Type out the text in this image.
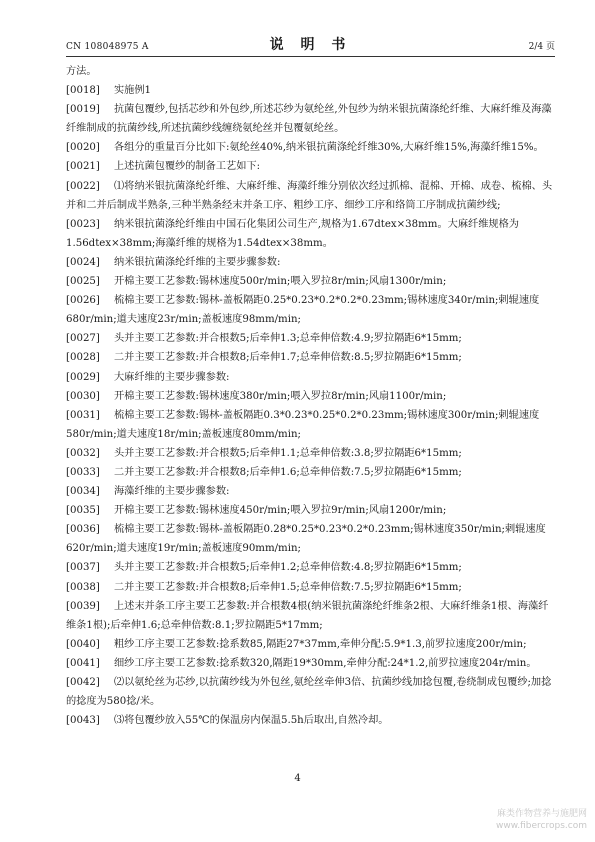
CN 108048975 A	说 明 书	2/4 页
方法。
[0018]	实施例1
[0019]	抗菌包覆纱,包括芯纱和外包纱,所述芯纱为氨纶丝,外包纱为纳米银抗菌涤纶纤维、大麻纤维及海藻纤维制成的抗菌纱线,所述抗菌纱线缠绕氨纶丝并包覆氨纶丝。
[0020]	各组分的重量百分比如下:氨纶丝40%,纳米银抗菌涤纶纤维30%,大麻纤维15%,海藻纤维15%。
[0021]	上述抗菌包覆纱的制备工艺如下:
[0022]	⑴将纳米银抗菌涤纶纤维、大麻纤维、海藻纤维分别依次经过抓棉、混棉、开棉、成卷、梳棉、头并和二并后制成半熟条,三种半熟条经末并条工序、粗纱工序、细纱工序和络筒工序制成抗菌纱线;
[0023]	纳米银抗菌涤纶纤维由中国石化集团公司生产,规格为1.67dtex×38mm。大麻纤维规格为1.56dtex×38mm;海藻纤维的规格为1.54dtex×38mm。
[0024]	纳米银抗菌涤纶纤维的主要步骤参数:
[0025]	开棉主要工艺参数:锡林速度500r/min;喂入罗拉8r/min;风扇1300r/min;
[0026]	梳棉主要工艺参数:锡林-盖板隔距0.25*0.23*0.2*0.2*0.23mm;锡林速度340r/min;剌辊速度680r/min;道夫速度23r/min;盖板速度98mm/min;
[0027]	头并主要工艺参数:并合根数5;后牵伸1.3;总牵伸倍数:4.9;罗拉隔距6*15mm;
[0028]	二并主要工艺参数:并合根数8;后牵伸1.7;总牵伸倍数:8.5;罗拉隔距6*15mm;
[0029]	大麻纤维的主要步骤参数:
[0030]	开棉主要工艺参数:锡林速度380r/min;喂入罗拉8r/min;风扇1100r/min;
[0031]	梳棉主要工艺参数:锡林-盖板隔距0.3*0.23*0.25*0.2*0.23mm;锡林速度300r/min;剌辊速度580r/min;道夫速度18r/min;盖板速度80mm/min;
[0032]	头并主要工艺参数:并合根数5;后牵伸1.1;总牵伸倍数:3.8;罗拉隔距6*15mm;
[0033]	二并主要工艺参数:并合根数8;后牵伸1.6;总牵伸倍数:7.5;罗拉隔距6*15mm;
[0034]	海藻纤维的主要步骤参数:
[0035]	开棉主要工艺参数:锡林速度450r/min;喂入罗拉9r/min;风扇1200r/min;
[0036]	梳棉主要工艺参数:锡林-盖板隔距0.28*0.25*0.23*0.2*0.23mm;锡林速度350r/min;剌辊速度620r/min;道夫速度19r/min;盖板速度90mm/min;
[0037]	头并主要工艺参数:并合根数5;后牵伸1.2;总牵伸倍数:4.8;罗拉隔距6*15mm;
[0038]	二并主要工艺参数:并合根数8;后牵伸1.5;总牵伸倍数:7.5;罗拉隔距6*15mm;
[0039]	上述末并条工序主要工艺参数:并合根数4根(纳米银抗菌涤纶纤维条2根、大麻纤维条1根、海藻纤维条1根);后牵伸1.6;总牵伸倍数:8.1;罗拉隔距5*17mm;
[0040]	粗纱工序主要工艺参数:捻系数85,隔距27*37mm,牵伸分配:5.9*1.3,前罗拉速度200r/min;
[0041]	细纱工序主要工艺参数:捻系数320,隔距19*30mm,牵伸分配:24*1.2,前罗拉速度204r/min。
[0042]	⑵以氨纶丝为芯纱,以抗菌纱线为外包丝,氨纶丝牵伸3倍、抗菌纱线加捻包覆,卷绕制成包覆纱;加捻的捻度为580捻/米。
[0043]	⑶将包覆纱放入55℃的保温房内保温5.5h后取出,自然冷却。
4
麻类作物营养与施肥网
www.fibercrops.com
